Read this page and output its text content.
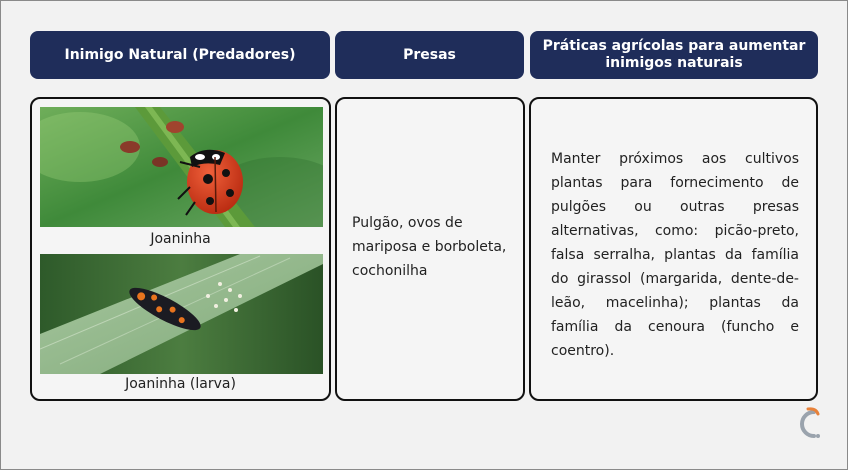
Inimigo Natural (Predadores)	Presas
Práticas agrícolas para aumentar inimigos naturais
Joaninha
Joaninha (larva)
Pulgão, ovos de mariposa e borboleta, cochonilha
Manter próximos aos cultivos plantas para fornecimento de pulgões ou outras presas alternativas, como: picão-preto, falsa serralha, plantas da família do girassol (margarida, dente-de-leão, macelinha); plantas da família da cenoura (funcho e coentro).
